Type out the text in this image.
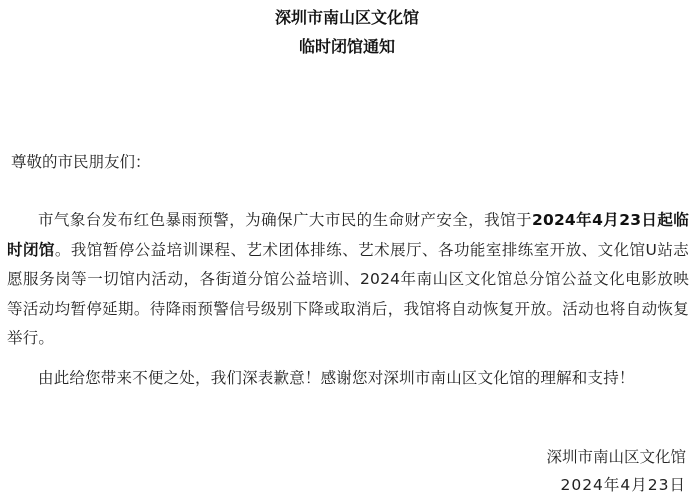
深圳市南山区文化馆
临时闭馆通知
尊敬的市民朋友们：
市气象台发布红色暴雨预警，为确保广大市民的生命财产安全，我馆于2024年4月23日起临时闭馆。我馆暂停公益培训课程、艺术团体排练、艺术展厅、各功能室排练室开放、文化馆U站志愿服务岗等一切馆内活动，各街道分馆公益培训、2024年南山区文化馆总分馆公益文化电影放映等活动均暂停延期。待降雨预警信号级别下降或取消后，我馆将自动恢复开放。活动也将自动恢复举行。
由此给您带来不便之处，我们深表歉意！感谢您对深圳市南山区文化馆的理解和支持！
深圳市南山区文化馆
2024年4月23日
